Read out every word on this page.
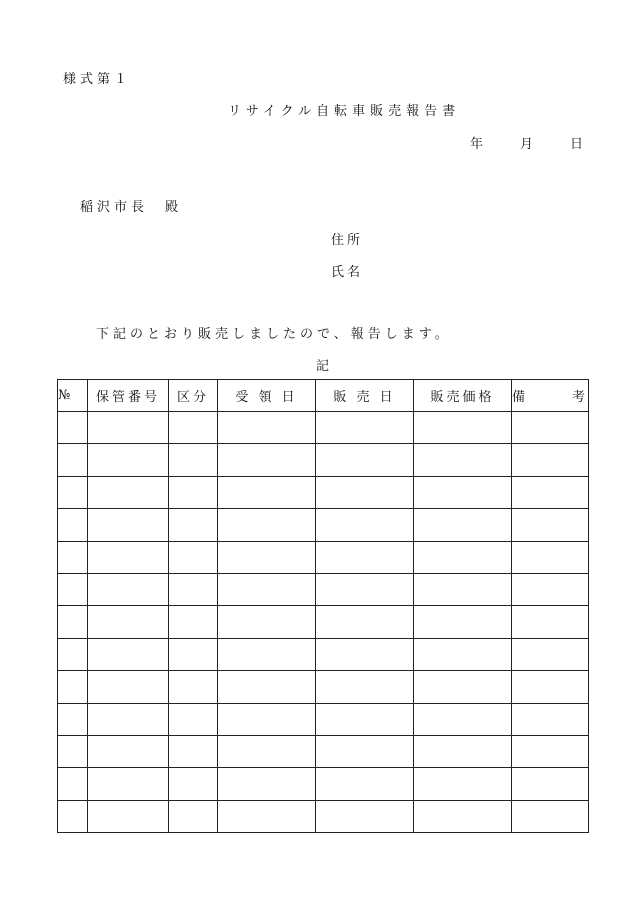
様式第１
リサイクル自転車販売報告書
年	月	日
稲沢市長　殿
住所
氏名
下記のとおり販売しましたので、報告します。
記
№	保管番号	区分	受 領 日	販 売 日	販売価格	備 考
